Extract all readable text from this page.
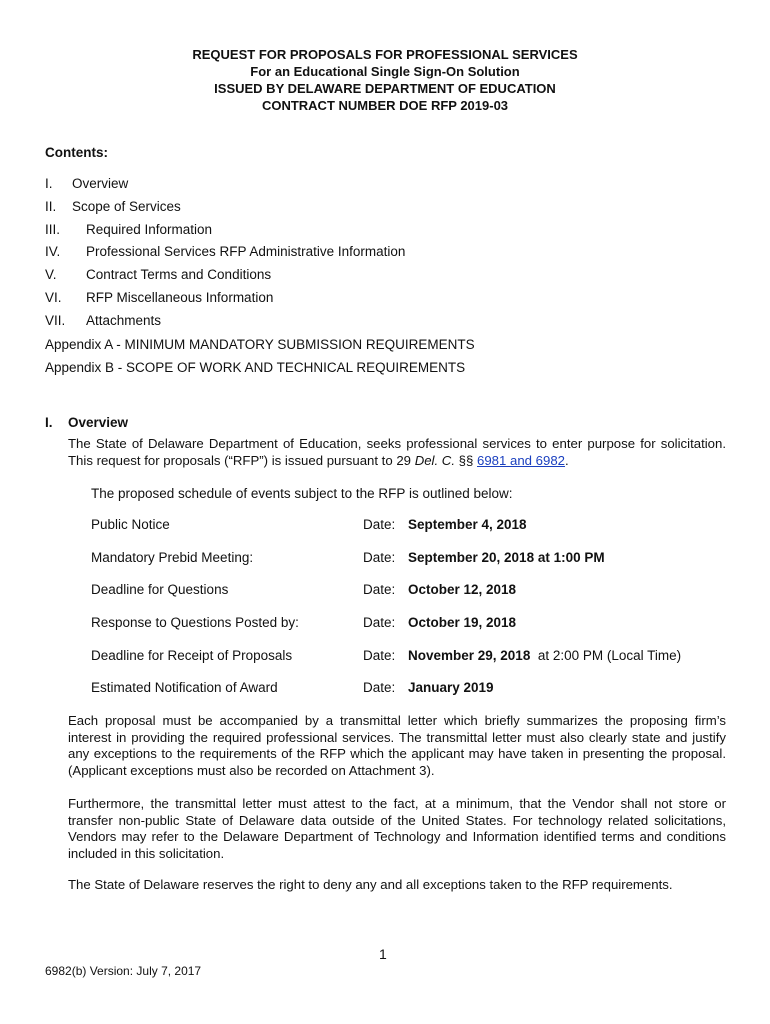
REQUEST FOR PROPOSALS FOR PROFESSIONAL SERVICES
For an Educational Single Sign-On Solution
ISSUED BY DELAWARE DEPARTMENT OF EDUCATION
CONTRACT NUMBER DOE RFP 2019-03
Contents:
I. Overview
II. Scope of Services
III. Required Information
IV. Professional Services RFP Administrative Information
V. Contract Terms and Conditions
VI. RFP Miscellaneous Information
VII. Attachments
Appendix A - MINIMUM MANDATORY SUBMISSION REQUIREMENTS
Appendix B - SCOPE OF WORK AND TECHNICAL REQUIREMENTS
I. Overview
The State of Delaware Department of Education, seeks professional services to enter purpose for solicitation. This request for proposals (“RFP”) is issued pursuant to 29 Del. C. §§ 6981 and 6982.
The proposed schedule of events subject to the RFP is outlined below:
Public Notice	Date: September 4, 2018
Mandatory Prebid Meeting:	Date: September 20, 2018 at 1:00 PM
Deadline for Questions	Date: October 12, 2018
Response to Questions Posted by:	Date: October 19, 2018
Deadline for Receipt of Proposals	Date: November 29, 2018  at 2:00 PM (Local Time)
Estimated Notification of Award	Date: January 2019
Each proposal must be accompanied by a transmittal letter which briefly summarizes the proposing firm’s interest in providing the required professional services. The transmittal letter must also clearly state and justify any exceptions to the requirements of the RFP which the applicant may have taken in presenting the proposal. (Applicant exceptions must also be recorded on Attachment 3).
Furthermore, the transmittal letter must attest to the fact, at a minimum, that the Vendor shall not store or transfer non-public State of Delaware data outside of the United States. For technology related solicitations, Vendors may refer to the Delaware Department of Technology and Information identified terms and conditions included in this solicitation.
The State of Delaware reserves the right to deny any and all exceptions taken to the RFP requirements.
1
6982(b) Version: July 7, 2017
